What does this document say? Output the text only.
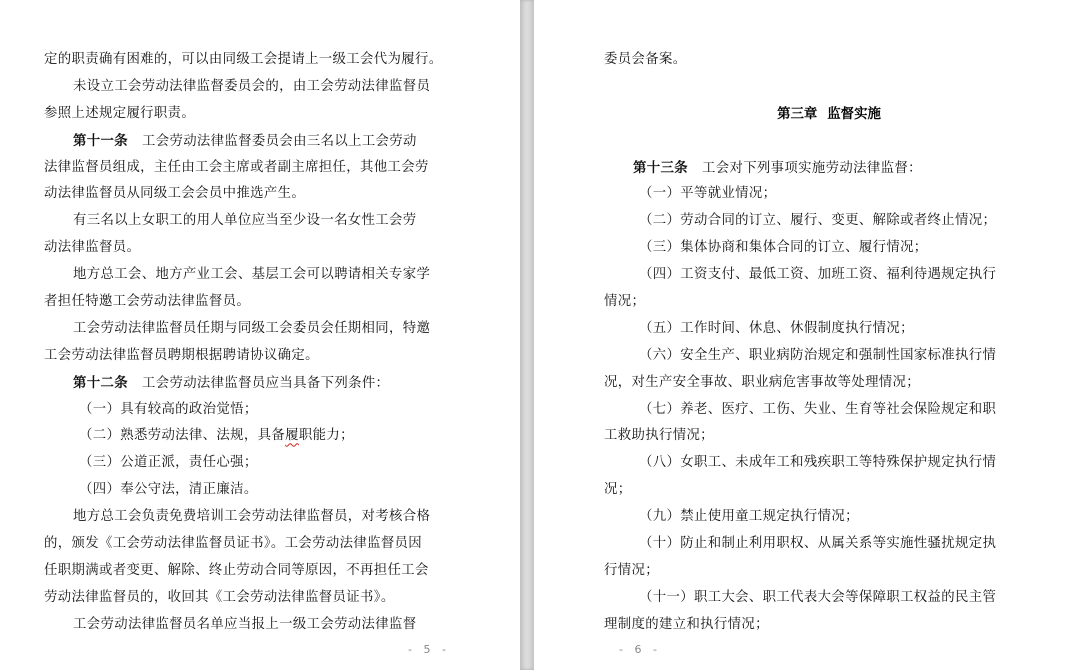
定的职责确有困难的，可以由同级工会提请上一级工会代为履行。
未设立工会劳动法律监督委员会的，由工会劳动法律监督员
参照上述规定履行职责。
第十一条 工会劳动法律监督委员会由三名以上工会劳动
法律监督员组成，主任由工会主席或者副主席担任，其他工会劳
动法律监督员从同级工会会员中推选产生。
有三名以上女职工的用人单位应当至少设一名女性工会劳
动法律监督员。
地方总工会、地方产业工会、基层工会可以聘请相关专家学
者担任特邀工会劳动法律监督员。
工会劳动法律监督员任期与同级工会委员会任期相同，特邀
工会劳动法律监督员聘期根据聘请协议确定。
第十二条 工会劳动法律监督员应当具备下列条件：
（一）具有较高的政治觉悟；
（二）熟悉劳动法律、法规，具备履职能力；
（三）公道正派，责任心强；
（四）奉公守法，清正廉洁。
地方总工会负责免费培训工会劳动法律监督员，对考核合格
的，颁发《工会劳动法律监督员证书》。工会劳动法律监督员因
任职期满或者变更、解除、终止劳动合同等原因，不再担任工会
劳动法律监督员的，收回其《工会劳动法律监督员证书》。
工会劳动法律监督员名单应当报上一级工会劳动法律监督
- 5 -
委员会备案。
第三章 监督实施
第十三条 工会对下列事项实施劳动法律监督：
（一）平等就业情况；
（二）劳动合同的订立、履行、变更、解除或者终止情况；
（三）集体协商和集体合同的订立、履行情况；
（四）工资支付、最低工资、加班工资、福利待遇规定执行
情况；
（五）工作时间、休息、休假制度执行情况；
（六）安全生产、职业病防治规定和强制性国家标准执行情
况，对生产安全事故、职业病危害事故等处理情况；
（七）养老、医疗、工伤、失业、生育等社会保险规定和职
工救助执行情况；
（八）女职工、未成年工和残疾职工等特殊保护规定执行情
况；
（九）禁止使用童工规定执行情况；
（十）防止和制止利用职权、从属关系等实施性骚扰规定执
行情况；
（十一）职工大会、职工代表大会等保障职工权益的民主管
理制度的建立和执行情况；
- 6 -
